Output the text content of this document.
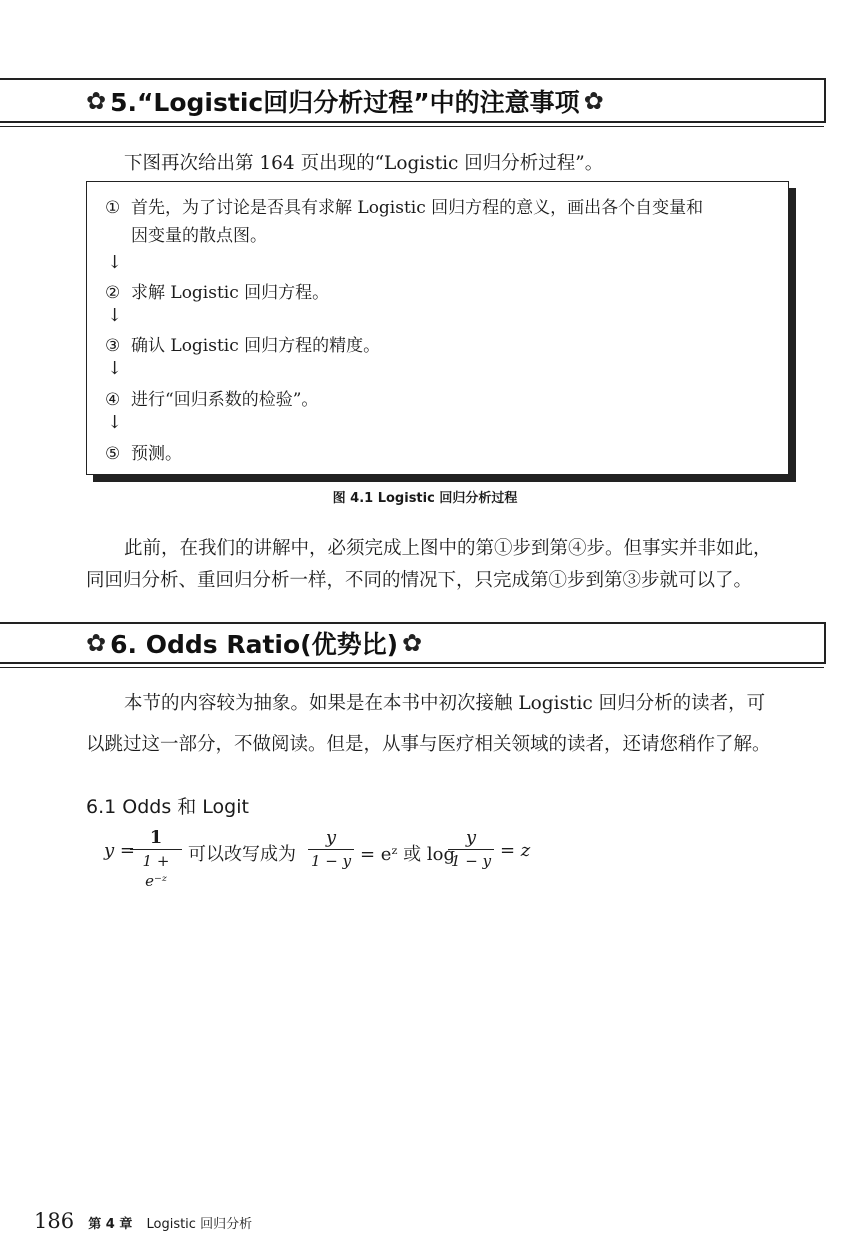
✿ 5.“Logistic回归分析过程”中的注意事项 ✿
下图再次给出第 164 页出现的“Logistic 回归分析过程”。
① 首先，为了讨论是否具有求解 Logistic 回归方程的意义，画出各个自变量和
因变量的散点图。
↓
② 求解 Logistic 回归方程。
↓
③ 确认 Logistic 回归方程的精度。
↓
④ 进行“回归系数的检验”。
↓
⑤ 预测。
图 4.1 Logistic 回归分析过程
此前，在我们的讲解中，必须完成上图中的第①步到第④步。但事实并非如此，
同回归分析、重回归分析一样，不同的情况下，只完成第①步到第③步就可以了。
✿ 6. Odds Ratio(优势比) ✿
本节的内容较为抽象。如果是在本书中初次接触 Logistic 回归分析的读者，可
以跳过这一部分，不做阅读。但是，从事与医疗相关领域的读者，还请您稍作了解。
6.1 Odds 和 Logit
y =
1
1 + e⁻ᶻ
可以改写成为
y
1 − y = eᶻ 或 log
y
1 − y = z
186 第 4 章 Logistic 回归分析
